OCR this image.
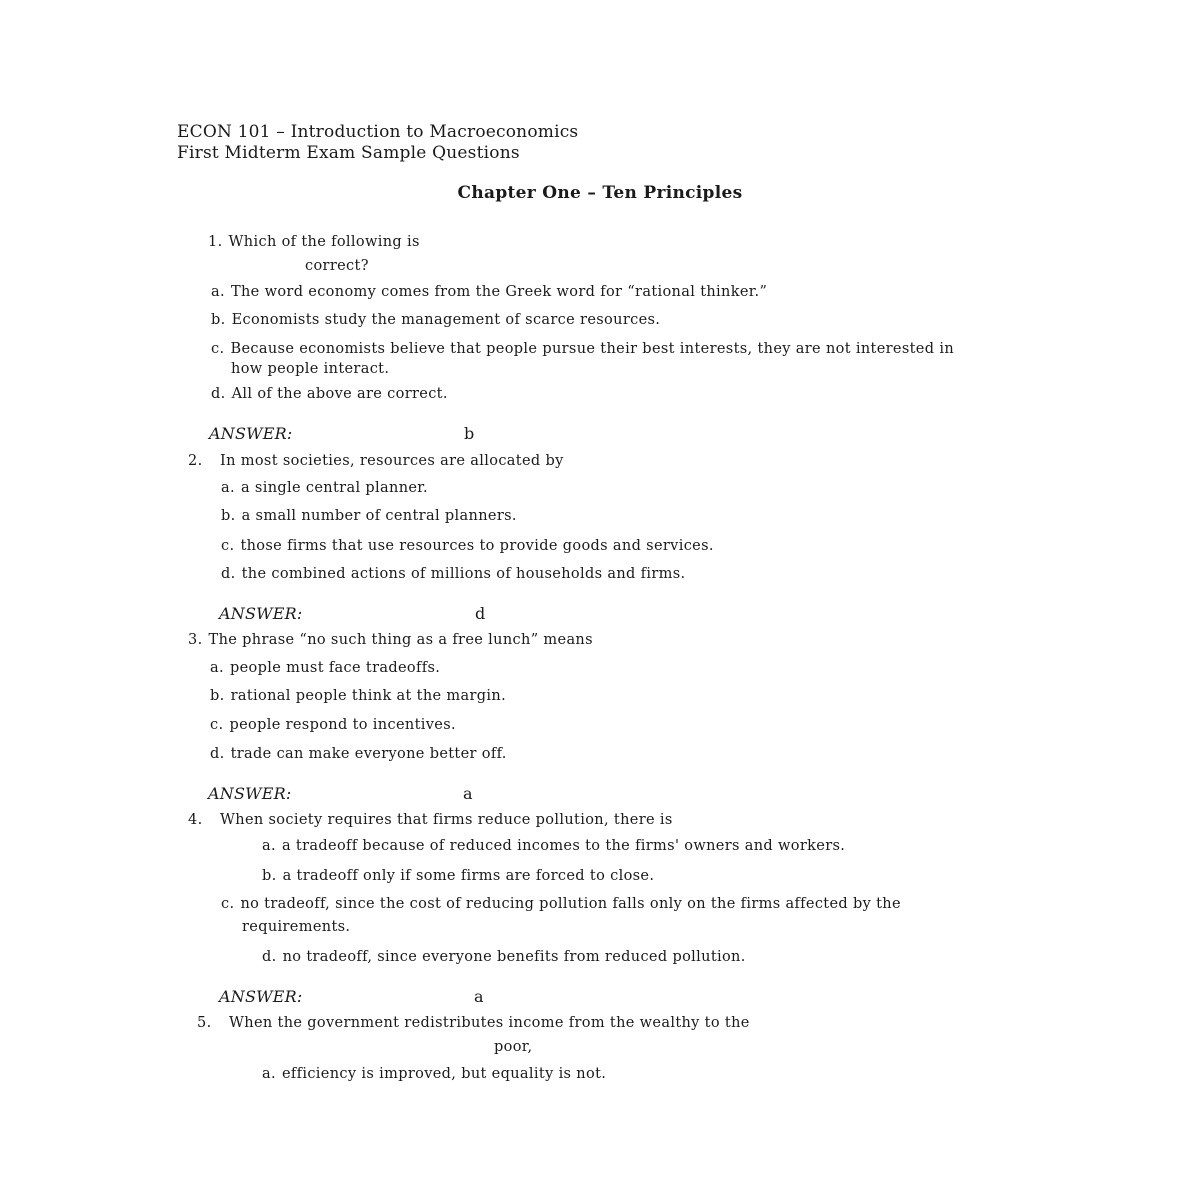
ECON 101 – Introduction to Macroeconomics
First Midterm Exam Sample Questions
Chapter One – Ten Principles
1. Which of the following is
correct?
a. The word economy comes from the Greek word for “rational thinker.”
b. Economists study the management of scarce resources.
c. Because economists believe that people pursue their best interests, they are not interested in
how people interact.
d. All of the above are correct.
ANSWER:	b
2. In most societies, resources are allocated by
a. a single central planner.
b. a small number of central planners.
c. those firms that use resources to provide goods and services.
d. the combined actions of millions of households and firms.
ANSWER:	d
3. The phrase “no such thing as a free lunch” means
a. people must face tradeoffs.
b. rational people think at the margin.
c. people respond to incentives.
d. trade can make everyone better off.
ANSWER:	a
4. When society requires that firms reduce pollution, there is
a. a tradeoff because of reduced incomes to the firms' owners and workers.
b. a tradeoff only if some firms are forced to close.
c. no tradeoff, since the cost of reducing pollution falls only on the firms affected by the
requirements.
d. no tradeoff, since everyone benefits from reduced pollution.
ANSWER:	a
5. When the government redistributes income from the wealthy to the
poor,
a. efficiency is improved, but equality is not.
